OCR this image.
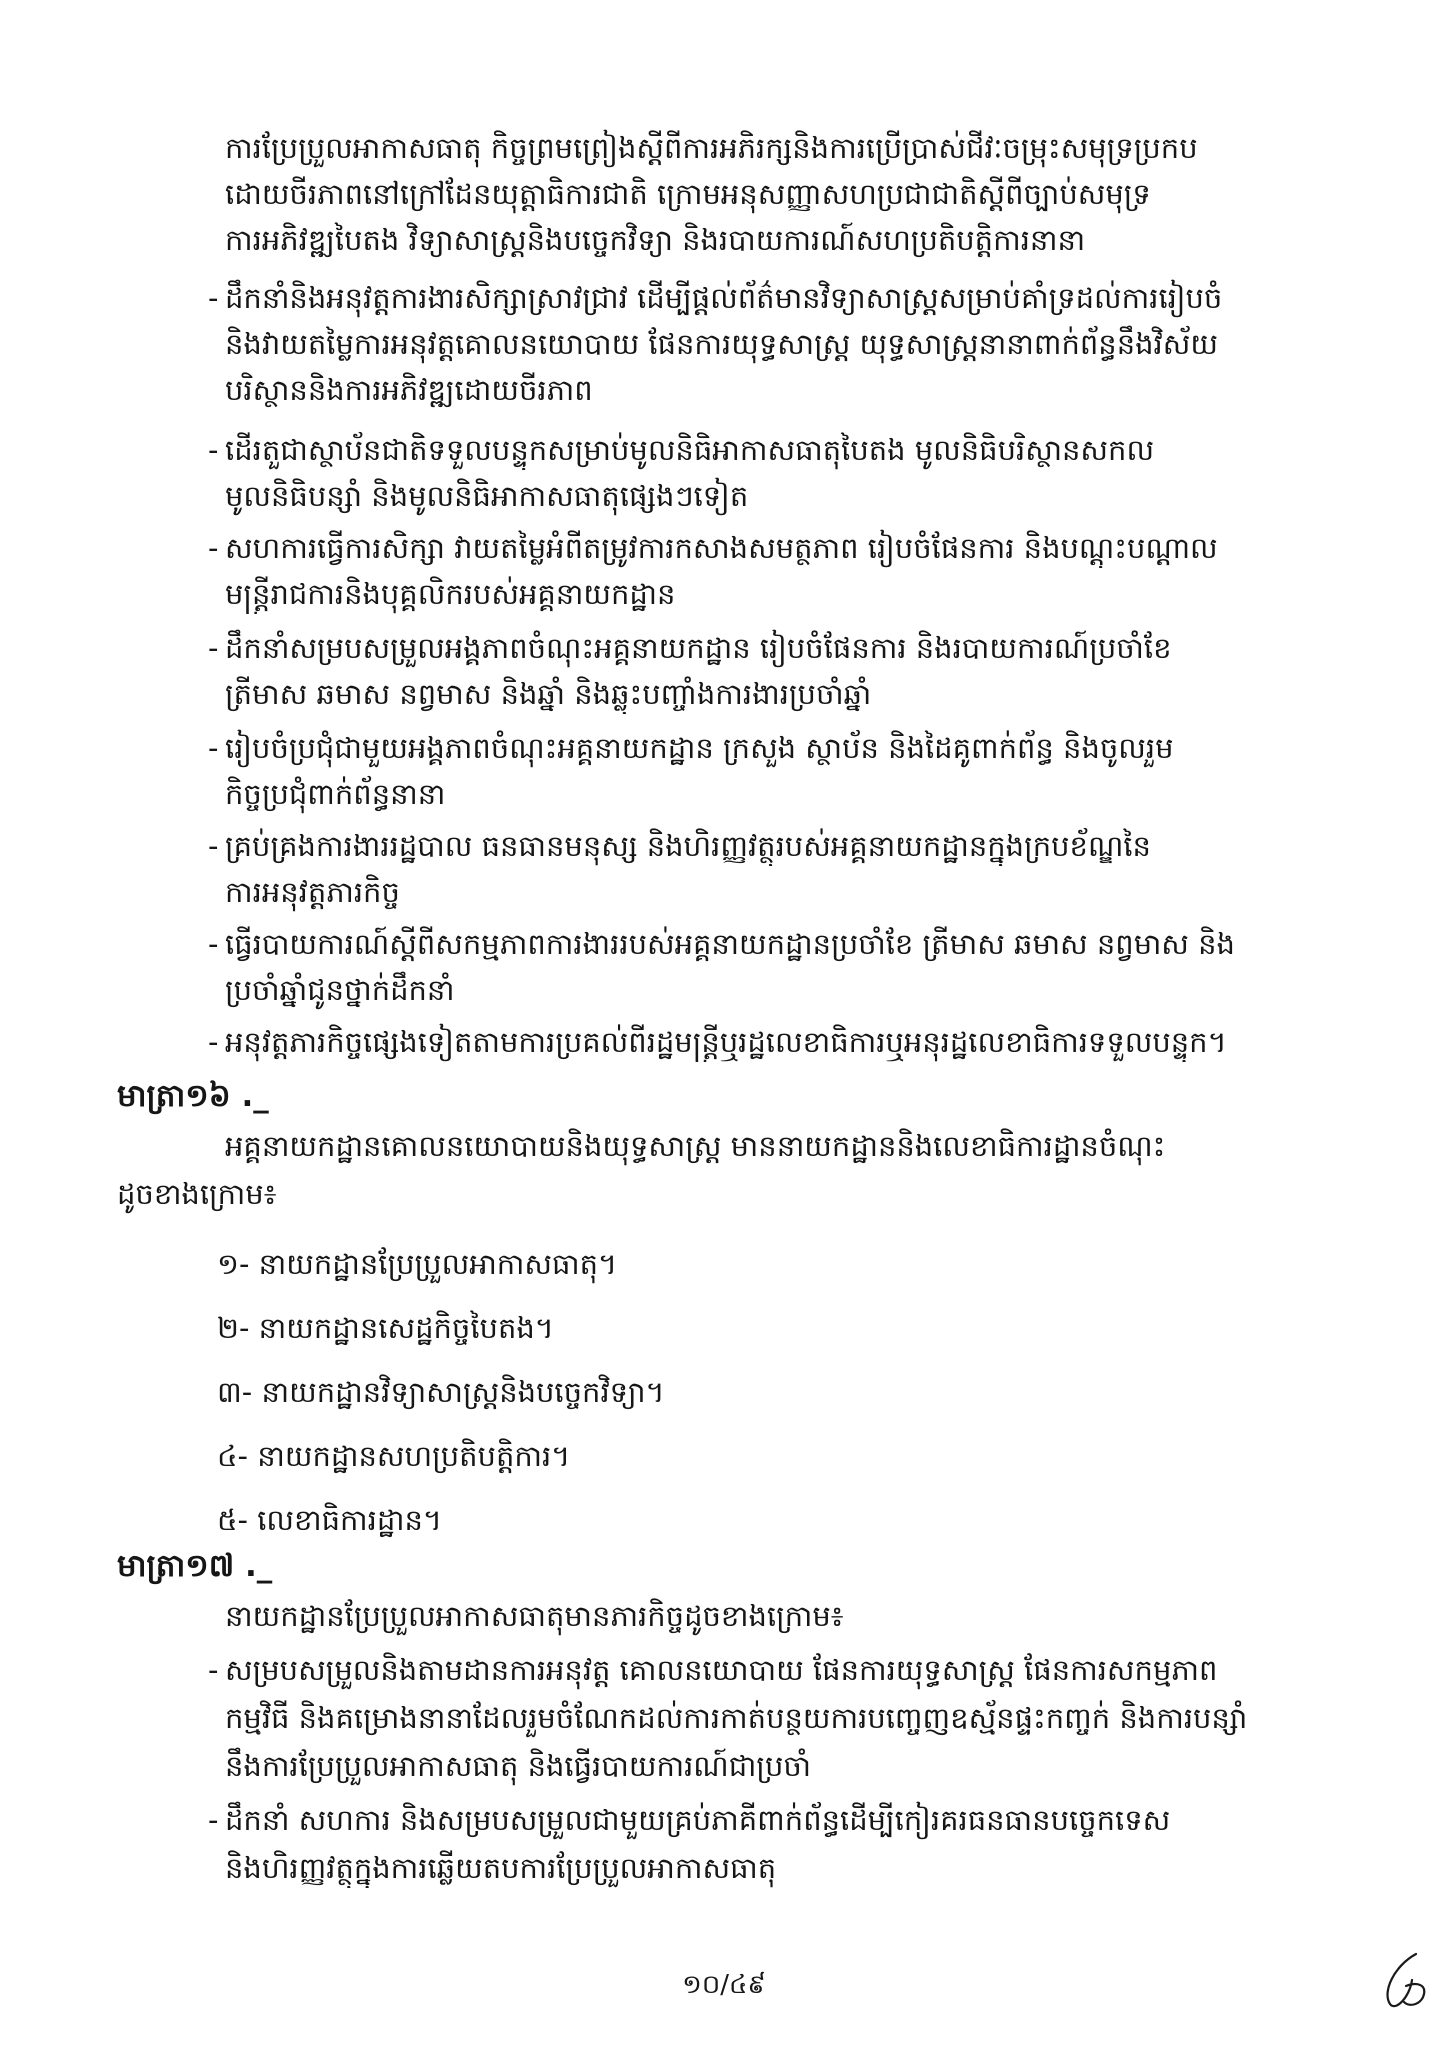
ការប្រែប្រួលអាកាសធាតុ កិច្ចព្រមព្រៀងស្តីពីការអភិរក្សនិងការប្រើប្រាស់ជីវៈចម្រុះសមុទ្រប្រកប
ដោយចីរភាពនៅក្រៅដែនយុត្តាធិការជាតិ ក្រោមអនុសញ្ញាសហប្រជាជាតិស្តីពីច្បាប់សមុទ្រ
ការអភិវឌ្ឍបៃតង វិទ្យាសាស្ត្រនិងបច្ចេកវិទ្យា និងរបាយការណ៍សហប្រតិបត្តិការនានា
- ដឹកនាំនិងអនុវត្តការងារសិក្សាស្រាវជ្រាវ ដើម្បីផ្តល់ព័ត៌មានវិទ្យាសាស្ត្រសម្រាប់គាំទ្រដល់ការរៀបចំ
និងវាយតម្លៃការអនុវត្តគោលនយោបាយ ផែនការយុទ្ធសាស្ត្រ យុទ្ធសាស្ត្រនានាពាក់ព័ន្ធនឹងវិស័យ
បរិស្ថាននិងការអភិវឌ្ឍដោយចីរភាព
- ដើរតួជាស្ថាប័នជាតិទទួលបន្ទុកសម្រាប់មូលនិធិអាកាសធាតុបៃតង មូលនិធិបរិស្ថានសកល
មូលនិធិបន្សាំ និងមូលនិធិអាកាសធាតុផ្សេងៗទៀត
- សហការធ្វើការសិក្សា វាយតម្លៃអំពីតម្រូវការកសាងសមត្ថភាព រៀបចំផែនការ និងបណ្តុះបណ្តាល
មន្ត្រីរាជការនិងបុគ្គលិករបស់អគ្គនាយកដ្ឋាន
- ដឹកនាំសម្របសម្រួលអង្គភាពចំណុះអគ្គនាយកដ្ឋាន រៀបចំផែនការ និងរបាយការណ៍ប្រចាំខែ
ត្រីមាស ឆមាស នព្វមាស និងឆ្នាំ និងឆ្លុះបញ្ចាំងការងារប្រចាំឆ្នាំ
- រៀបចំប្រជុំជាមួយអង្គភាពចំណុះអគ្គនាយកដ្ឋាន ក្រសួង ស្ថាប័ន និងដៃគូពាក់ព័ន្ធ និងចូលរួម
កិច្ចប្រជុំពាក់ព័ន្ធនានា
- គ្រប់គ្រងការងាររដ្ឋបាល ធនធានមនុស្ស និងហិរញ្ញវត្ថុរបស់អគ្គនាយកដ្ឋានក្នុងក្របខ័ណ្ឌនៃ
ការអនុវត្តភារកិច្ច
- ធ្វើរបាយការណ៍ស្តីពីសកម្មភាពការងាររបស់អគ្គនាយកដ្ឋានប្រចាំខែ ត្រីមាស ឆមាស នព្វមាស និង
ប្រចាំឆ្នាំជូនថ្នាក់ដឹកនាំ
- អនុវត្តភារកិច្ចផ្សេងទៀតតាមការប្រគល់ពីរដ្ឋមន្ត្រីឬរដ្ឋលេខាធិការឬអនុរដ្ឋលេខាធិការទទួលបន្ទុក។
មាត្រា១៦ ._
អគ្គនាយកដ្ឋានគោលនយោបាយនិងយុទ្ធសាស្ត្រ មាននាយកដ្ឋាននិងលេខាធិការដ្ឋានចំណុះ
ដូចខាងក្រោម៖
១- នាយកដ្ឋានប្រែប្រួលអាកាសធាតុ។
២- នាយកដ្ឋានសេដ្ឋកិច្ចបៃតង។
៣- នាយកដ្ឋានវិទ្យាសាស្ត្រនិងបច្ចេកវិទ្យា។
៤- នាយកដ្ឋានសហប្រតិបត្តិការ។
៥- លេខាធិការដ្ឋាន។
មាត្រា១៧ ._
នាយកដ្ឋានប្រែប្រួលអាកាសធាតុមានភារកិច្ចដូចខាងក្រោម៖
- សម្របសម្រួលនិងតាមដានការអនុវត្ត គោលនយោបាយ ផែនការយុទ្ធសាស្ត្រ ផែនការសកម្មភាព
កម្មវិធី និងគម្រោងនានាដែលរួមចំណែកដល់ការកាត់បន្ថយការបញ្ចេញឧស្ម័នផ្ទះកញ្ចក់ និងការបន្សាំ
នឹងការប្រែប្រួលអាកាសធាតុ និងធ្វើរបាយការណ៍ជាប្រចាំ
- ដឹកនាំ សហការ និងសម្របសម្រួលជាមួយគ្រប់ភាគីពាក់ព័ន្ធដើម្បីកៀរគរធនធានបច្ចេកទេស
និងហិរញ្ញវត្ថុក្នុងការឆ្លើយតបការប្រែប្រួលអាកាសធាតុ
១០/៤៩
